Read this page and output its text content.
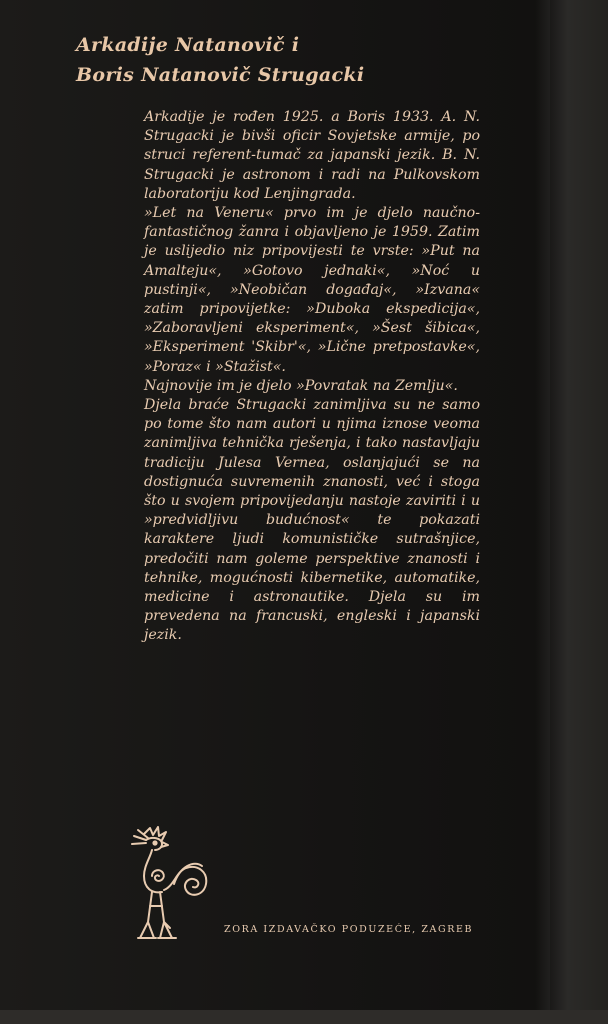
Arkadije Natanovič i
Boris Natanovič Strugacki

Arkadije je rođen 1925. a Boris 1933. A. N. Strugacki je bivši oficir Sovjetske armije, po struci referent-tumač za japanski jezik. B. N. Strugacki je astronom i radi na Pulkovskom laboratoriju kod Lenjingrada.

»Let na Veneru« prvo im je djelo naučno-fantastičnog žanra i objavljeno je 1959. Zatim je uslijedio niz pripovijesti te vrste: »Put na Amalteju«, »Gotovo jednaki«, »Noć u pustinji«, »Neobičan događaj«, »Izvana« zatim pripovijetke: »Duboka ekspedicija«, »Zaboravljeni eksperiment«, »Šest šibica«, »Eksperiment 'Skibr'«, »Lične pretpostavke«, »Poraz« i »Stažist«.

Najnovije im je djelo »Povratak na Zemlju«.

Djela braće Strugacki zanimljiva su ne samo po tome što nam autori u njima iznose veoma zanimljiva tehnička rješenja, i tako nastavljaju tradiciju Julesa Vernea, oslanjajući se na dostignuća suvremenih znanosti, već i stoga što u svojem pripovijedanju nastoje zaviriti i u »predvidljivu budućnost« te pokazati karaktere ljudi komunističke sutrašnjice, predočiti nam goleme perspektive znanosti i tehnike, mogućnosti kibernetike, automatike, medicine i astronautike. Djela su im prevedena na francuski, engleski i japanski jezik.

ZORA IZDAVAČKO PODUZEĆE, ZAGREB
